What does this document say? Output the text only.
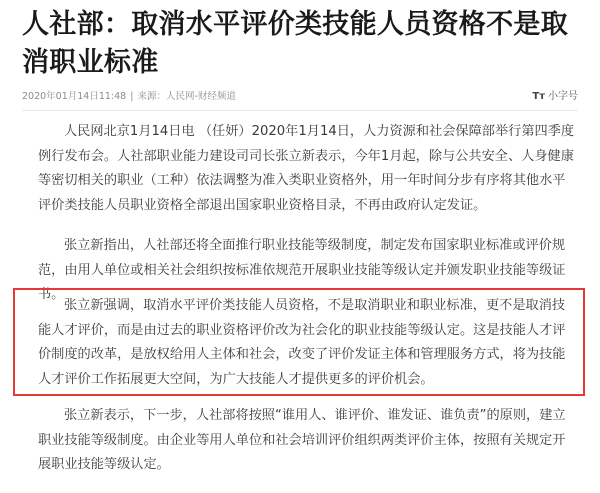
人社部：取消水平评价类技能人员资格不是取消职业标准
2020年01月14日11:48 | 来源：人民网-财经频道	Tт 小字号
人民网北京1月14日电 （任妍）2020年1月14日，人力资源和社会保障部举行第四季度例行发布会。人社部职业能力建设司司长张立新表示，今年1月起，除与公共安全、人身健康等密切相关的职业（工种）依法调整为准入类职业资格外，用一年时间分步有序将其他水平评价类技能人员职业资格全部退出国家职业资格目录，不再由政府认定发证。
张立新指出，人社部还将全面推行职业技能等级制度，制定发布国家职业标准或评价规范，由用人单位或相关社会组织按标准依规范开展职业技能等级认定并颁发职业技能等级证书。
张立新强调，取消水平评价类技能人员资格，不是取消职业和职业标准，更不是取消技能人才评价，而是由过去的职业资格评价改为社会化的职业技能等级认定。这是技能人才评价制度的改革，是放权给用人主体和社会，改变了评价发证主体和管理服务方式，将为技能人才评价工作拓展更大空间，为广大技能人才提供更多的评价机会。
张立新表示，下一步，人社部将按照“谁用人、谁评价、谁发证、谁负责”的原则，建立职业技能等级制度。由企业等用人单位和社会培训评价组织两类评价主体，按照有关规定开展职业技能等级认定。
